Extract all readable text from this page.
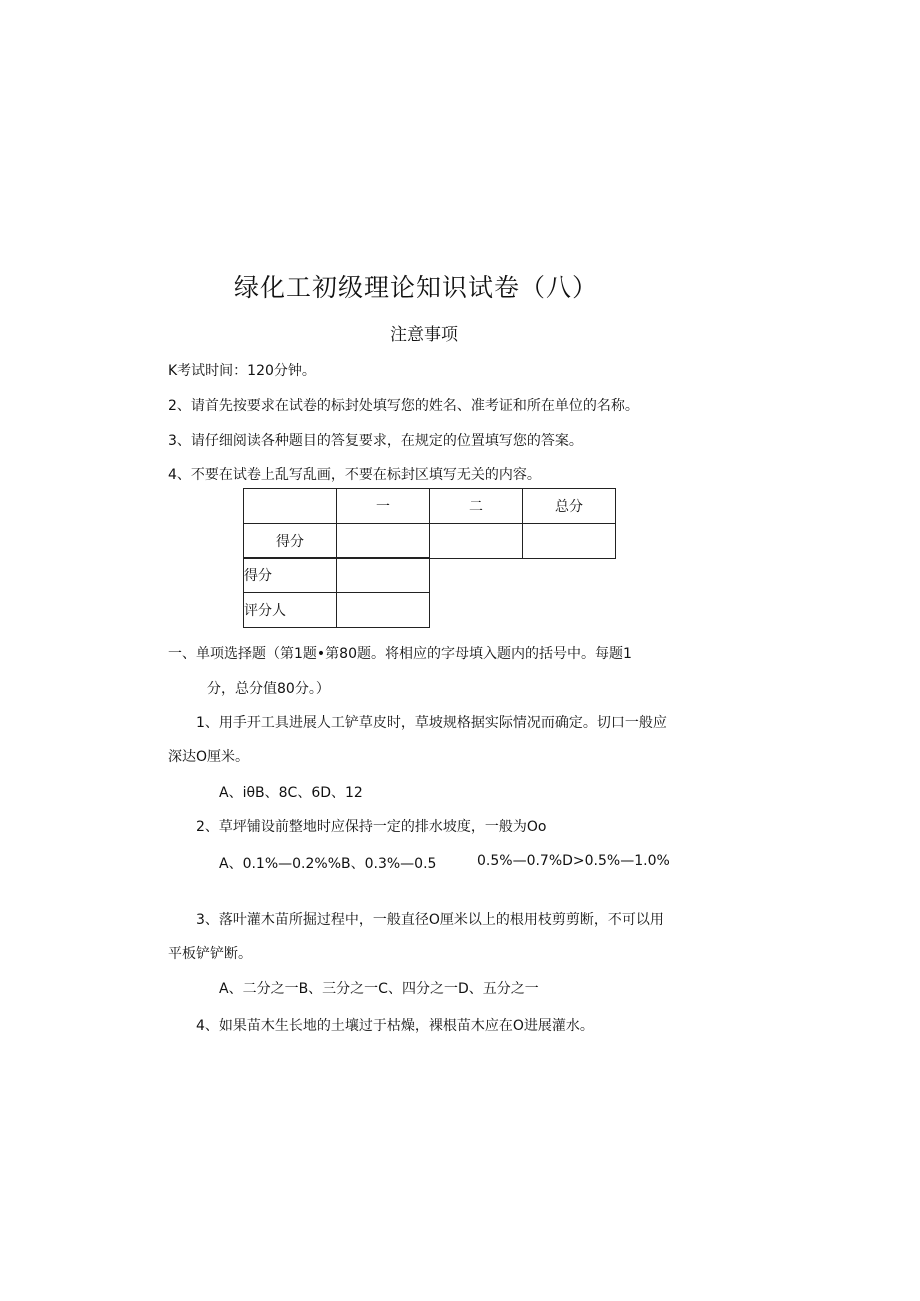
绿化工初级理论知识试卷（八）
注意事项
K考试时间：120分钟。
2、请首先按要求在试卷的标封处填写您的姓名、准考证和所在单位的名称。
3、请仔细阅读各种题目的答复要求，在规定的位置填写您的答案。
4、不要在试卷上乱写乱画，不要在标封区填写无关的内容。
	一	二	总分
得分			
得分	
评分人	
一、单项选择题（第1题•第80题。将相应的字母填入题内的括号中。每题1
分，总分值80分。）
1、用手开工具进展人工铲草皮时，草坡规格据实际情况而确定。切口一般应
深达O厘米。
A、iθB、8C、6D、12
2、草坪铺设前整地时应保持一定的排水坡度，一般为Oo
A、0.1%—0.2%%B、0.3%—0.5	0.5%—0.7%D>0.5%—1.0%
3、落叶灌木苗所掘过程中，一般直径O厘米以上的根用枝剪剪断，不可以用
平板铲铲断。
A、二分之一B、三分之一C、四分之一D、五分之一
4、如果苗木生长地的土壤过于枯燥，裸根苗木应在O进展灌水。
